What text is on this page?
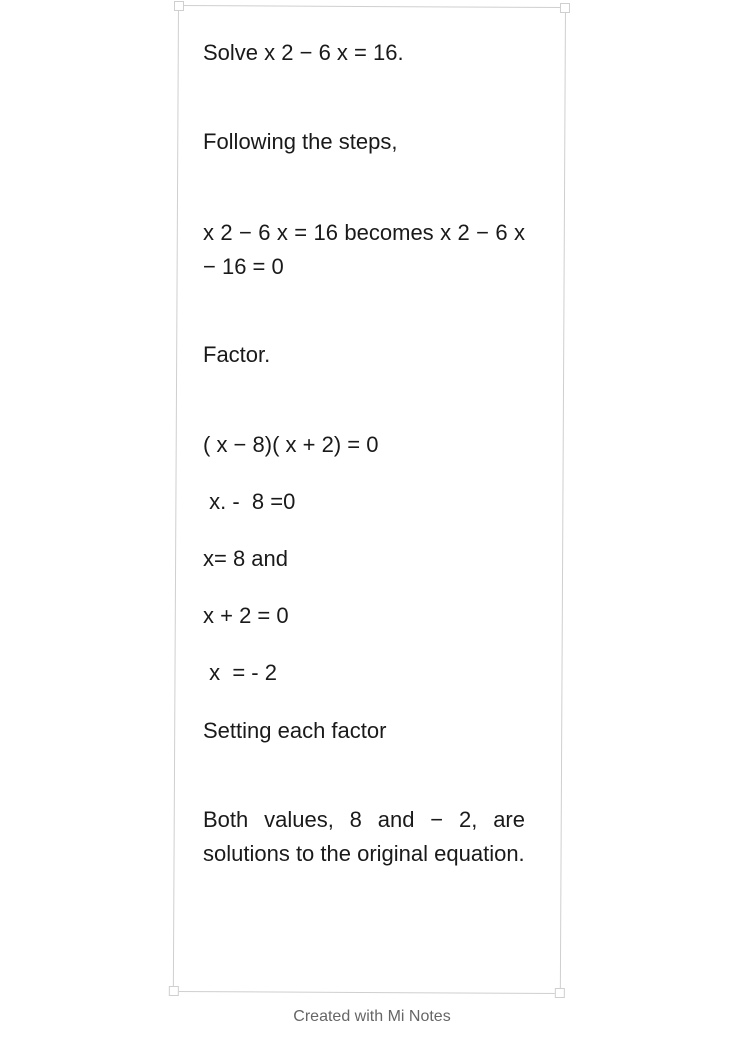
Solve x 2 − 6 x = 16.
Following the steps,
x 2 − 6 x = 16 becomes x 2 − 6 x − 16 = 0
Factor.
( x − 8)( x + 2) = 0
x. -  8 =0
x= 8 and
x + 2 = 0
x  = - 2
Setting each factor
Both values, 8 and − 2, are solutions to the original equation.
Created with Mi Notes
